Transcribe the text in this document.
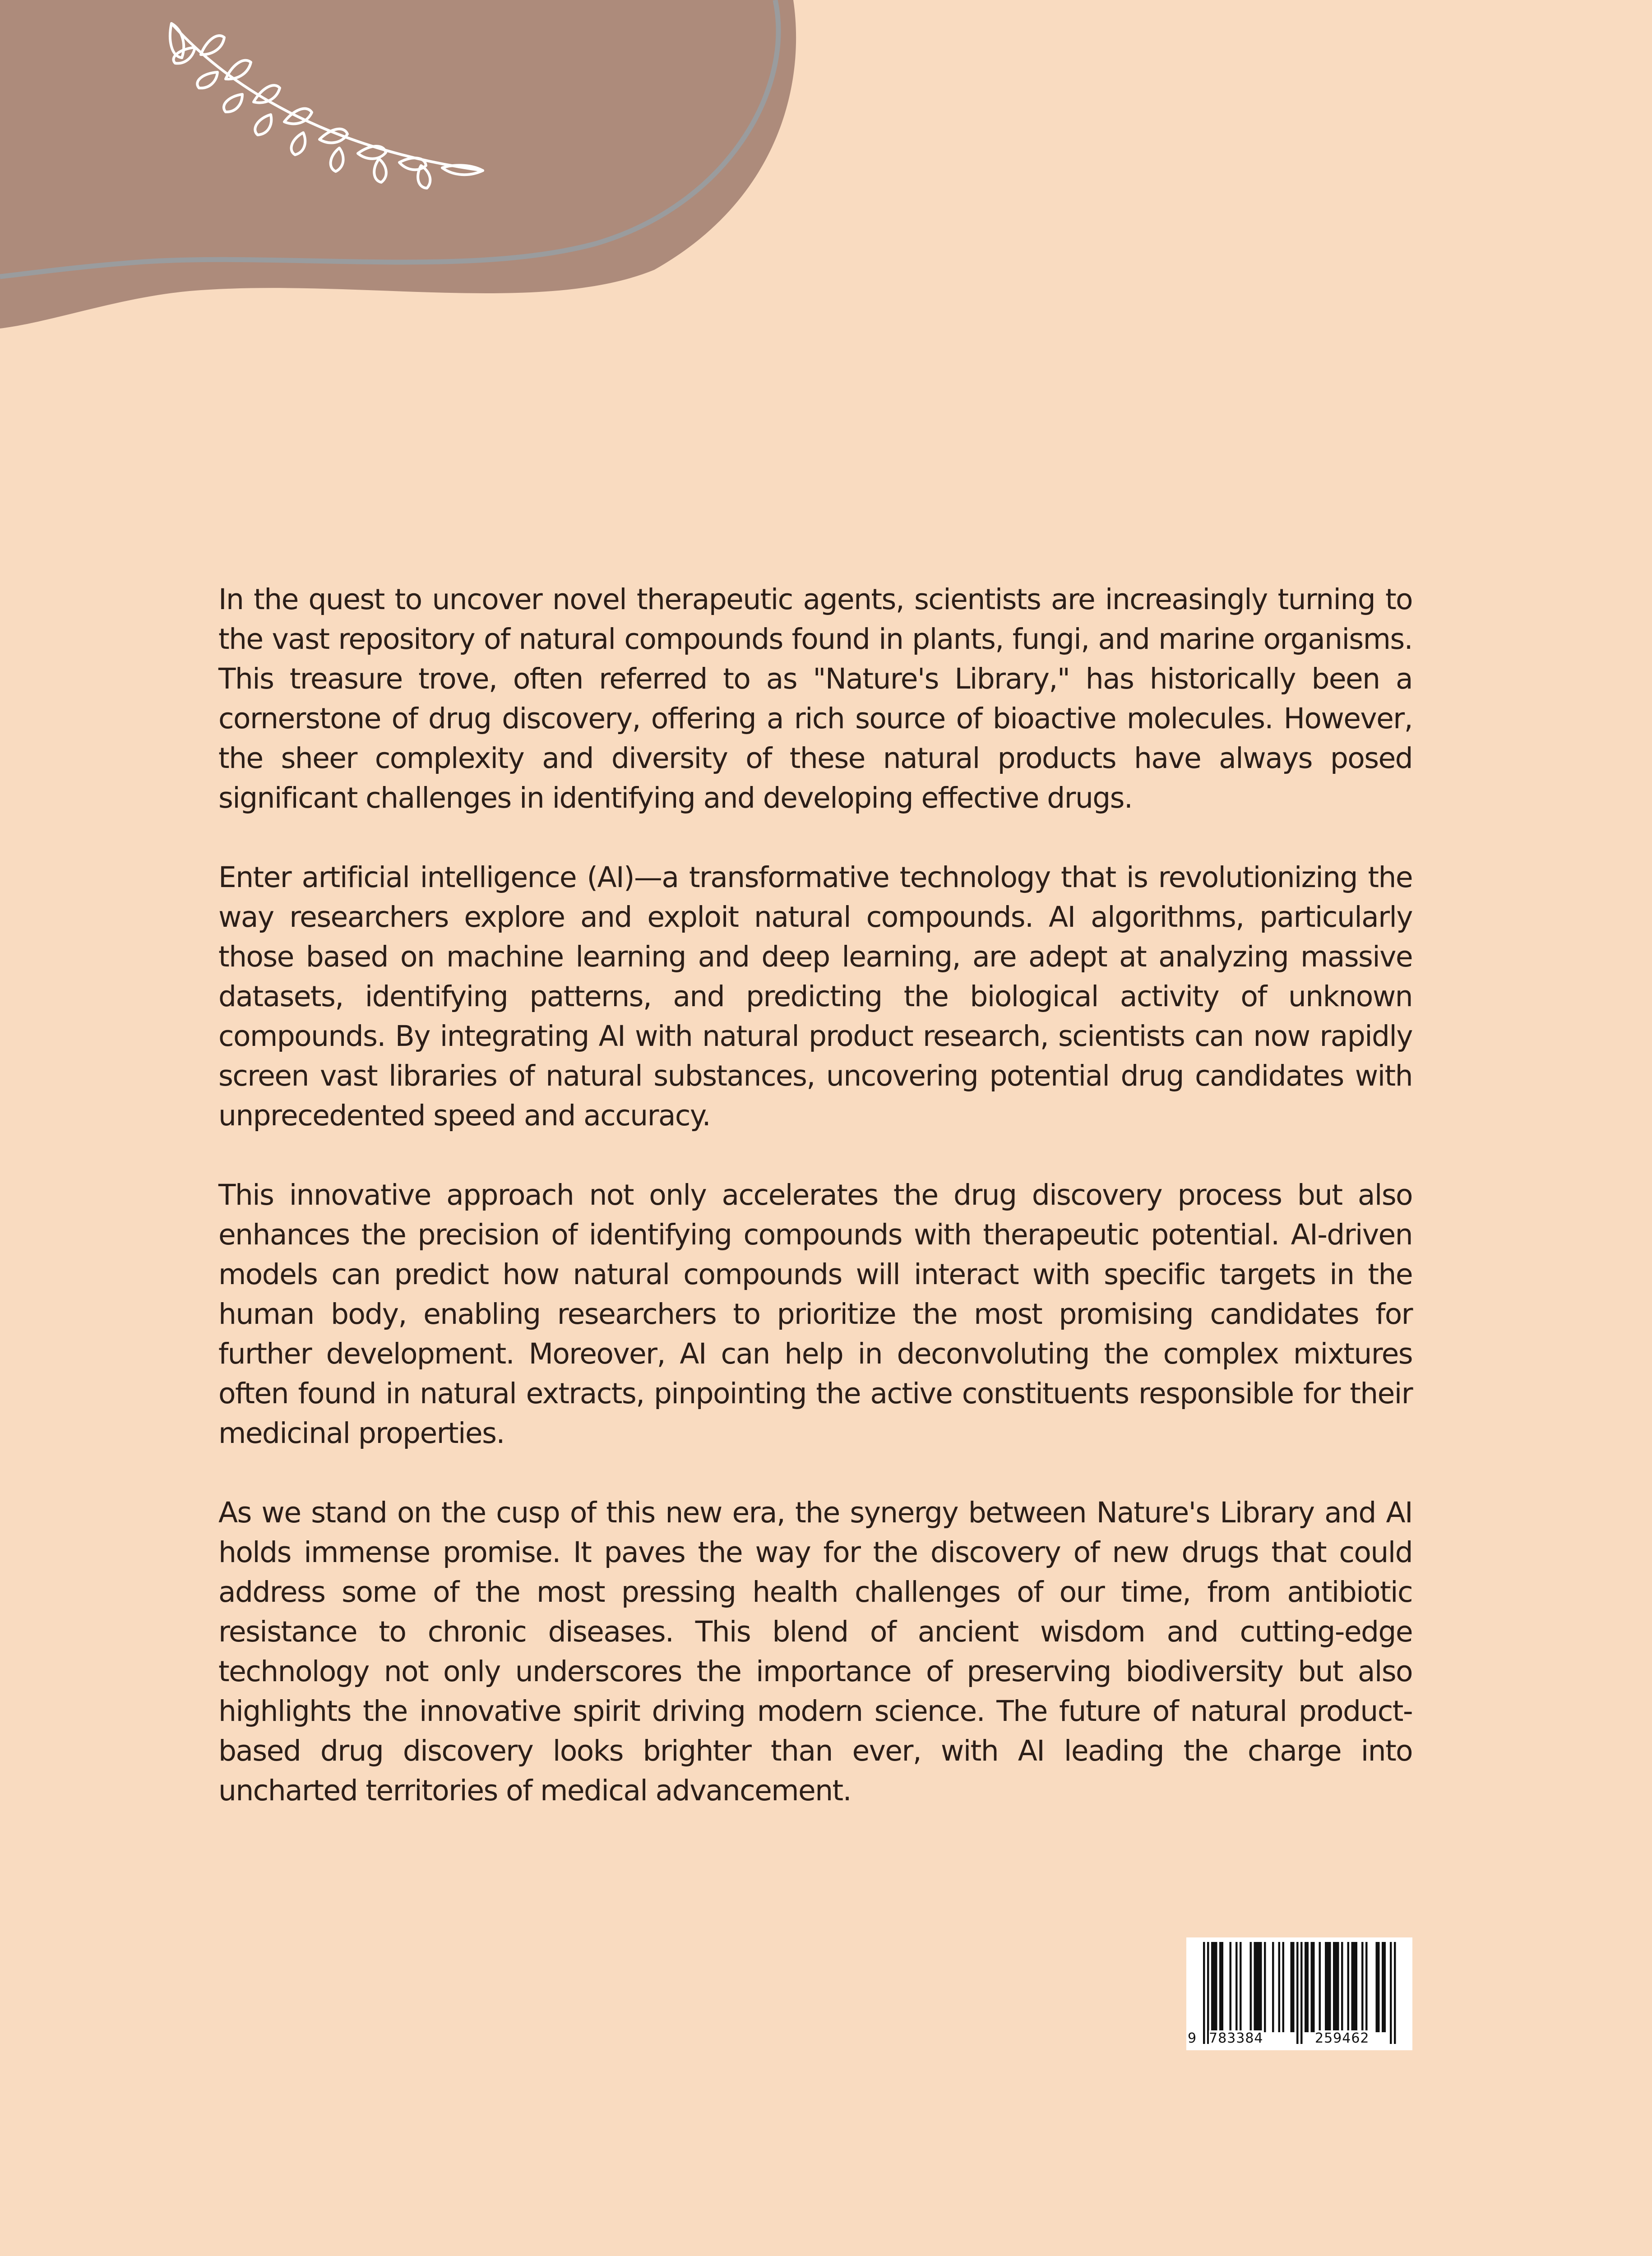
In the quest to uncover novel therapeutic agents, scientists are increasingly turning to the vast repository of natural compounds found in plants, fungi, and marine organisms. This treasure trove, often referred to as "Nature's Library," has historically been a cornerstone of drug discovery, offering a rich source of bioactive molecules. However, the sheer complexity and diversity of these natural products have always posed significant challenges in identifying and developing effective drugs.

Enter artificial intelligence (AI)—a transformative technology that is revolutionizing the way researchers explore and exploit natural compounds. AI algorithms, particularly those based on machine learning and deep learning, are adept at analyzing massive datasets, identifying patterns, and predicting the biological activity of unknown compounds. By integrating AI with natural product research, scientists can now rapidly screen vast libraries of natural substances, uncovering potential drug candidates with unprecedented speed and accuracy.

This innovative approach not only accelerates the drug discovery process but also enhances the precision of identifying compounds with therapeutic potential. AI-driven models can predict how natural compounds will interact with specific targets in the human body, enabling researchers to prioritize the most promising candidates for further development. Moreover, AI can help in deconvoluting the complex mixtures often found in natural extracts, pinpointing the active constituents responsible for their medicinal properties.

As we stand on the cusp of this new era, the synergy between Nature's Library and AI holds immense promise. It paves the way for the discovery of new drugs that could address some of the most pressing health challenges of our time, from antibiotic resistance to chronic diseases. This blend of ancient wisdom and cutting-edge technology not only underscores the importance of preserving biodiversity but also highlights the innovative spirit driving modern science. The future of natural product-based drug discovery looks brighter than ever, with AI leading the charge into uncharted territories of medical advancement.

9 783384	259462
